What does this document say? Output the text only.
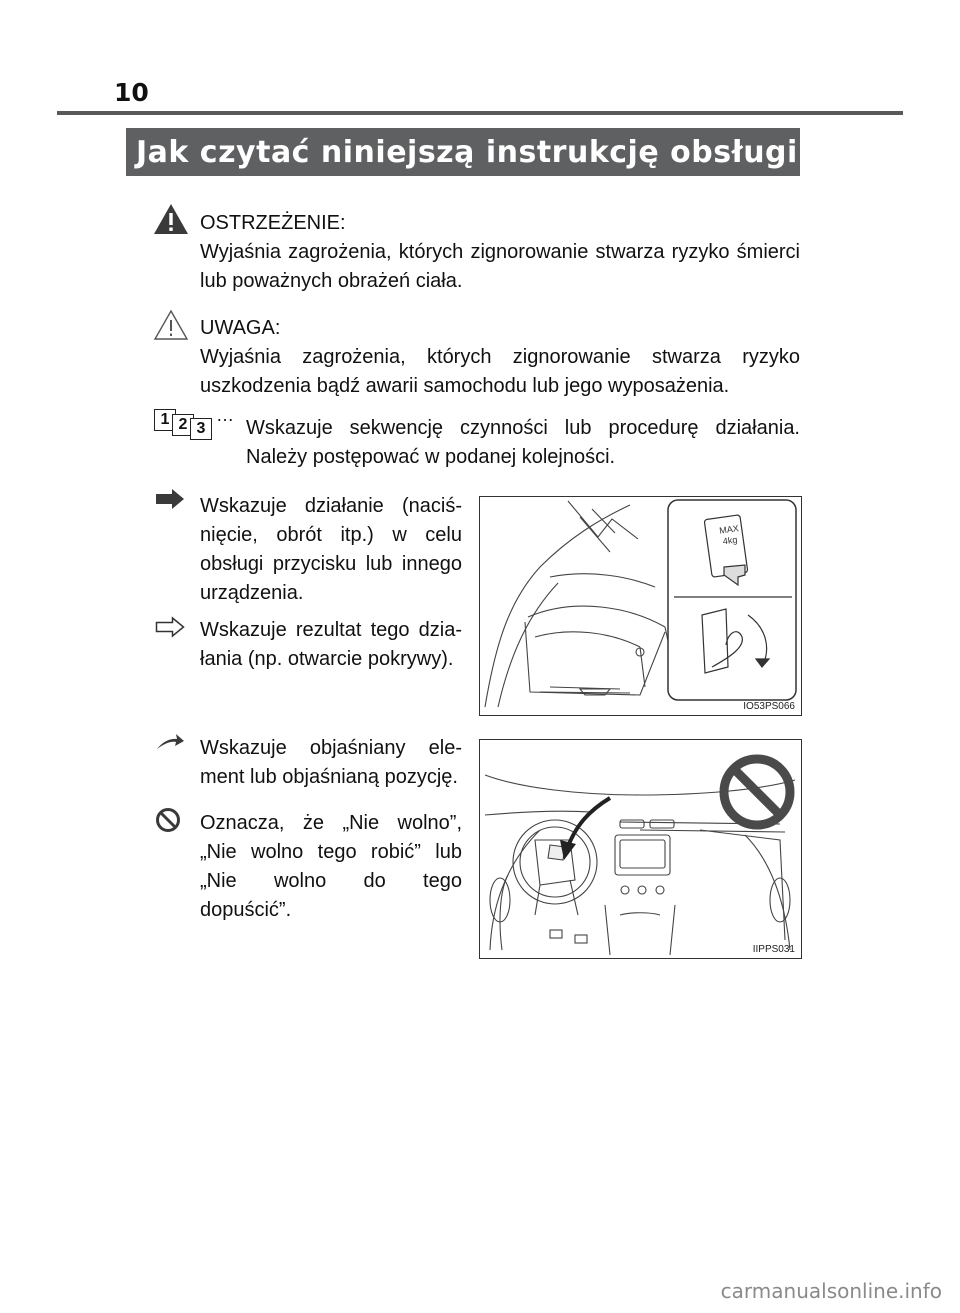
10
Jak czytać niniejszą instrukcję obsługi
OSTRZEŻENIE:
Wyjaśnia zagrożenia, których zignorowanie stwarza ryzyko śmierci lub poważnych obrażeń ciała.
UWAGA:
Wyjaśnia zagrożenia, których zignorowanie stwarza ryzyko uszkodzenia bądź awarii samochodu lub jego wyposażenia.
1 2 3
…
Wskazuje sekwencję czynności lub procedurę działania. Należy postępować w podanej kolejności.
Wskazuje działanie (naciś- nięcie, obrót itp.) w celu obsługi przycisku lub innego urządzenia.
Wskazuje rezultat tego dzia- łania (np. otwarcie pokrywy).
MAX
4kg
IO53PS066
Wskazuje objaśniany ele- ment lub objaśnianą pozycję.
Oznacza, że „Nie wolno”, „Nie wolno tego robić” lub „Nie wolno do tego dopuścić”.
IIPPS031
carmanualsonline.info
